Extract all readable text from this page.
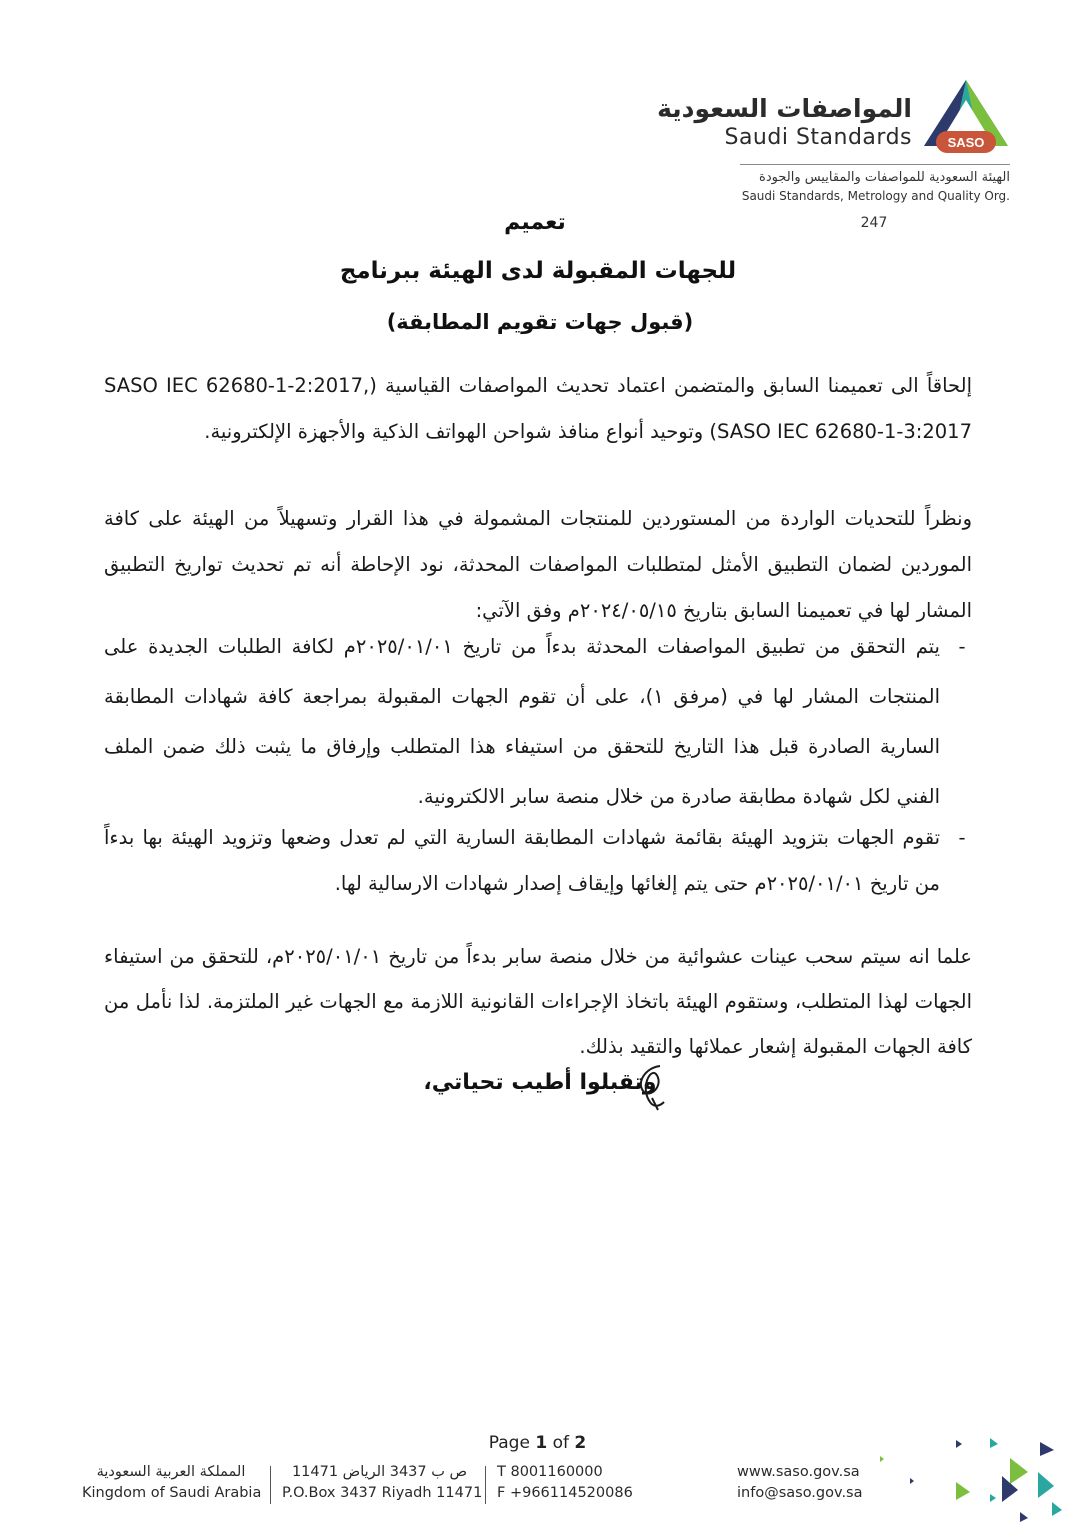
SASO
المواصفات السعودية
Saudi Standards
الهيئة السعودية للمواصفات والمقاييس والجودة
Saudi Standards, Metrology and Quality Org.
247
تعميم
للجهات المقبولة لدى الهيئة ببرنامج
(قبول جهات تقويم المطابقة)
إلحاقاً الى تعميمنا السابق والمتضمن اعتماد تحديث المواصفات القياسية (SASO IEC 62680-1-2:2017, SASO IEC 62680-1-3:2017) وتوحيد أنواع منافذ شواحن الهواتف الذكية والأجهزة الإلكترونية.
ونظراً للتحديات الواردة من المستوردين للمنتجات المشمولة في هذا القرار وتسهيلاً من الهيئة على كافة الموردين لضمان التطبيق الأمثل لمتطلبات المواصفات المحدثة، نود الإحاطة أنه تم تحديث تواريخ التطبيق المشار لها في تعميمنا السابق بتاريخ ٢٠٢٤/٠٥/١٥م وفق الآتي:
-
يتم التحقق من تطبيق المواصفات المحدثة بدءاً من تاريخ ٢٠٢٥/٠١/٠١م لكافة الطلبات الجديدة على المنتجات المشار لها في (مرفق ١)، على أن تقوم الجهات المقبولة بمراجعة كافة شهادات المطابقة السارية الصادرة قبل هذا التاريخ للتحقق من استيفاء هذا المتطلب وإرفاق ما يثبت ذلك ضمن الملف الفني لكل شهادة مطابقة صادرة من خلال منصة سابر الالكترونية.
-
تقوم الجهات بتزويد الهيئة بقائمة شهادات المطابقة السارية التي لم تعدل وضعها وتزويد الهيئة بها بدءاً من تاريخ ٢٠٢٥/٠١/٠١م حتى يتم إلغائها وإيقاف إصدار شهادات الارسالية لها.
علما انه سيتم سحب عينات عشوائية من خلال منصة سابر بدءاً من تاريخ ٢٠٢٥/٠١/٠١م، للتحقق من استيفاء الجهات لهذا المتطلب، وستقوم الهيئة باتخاذ الإجراءات القانونية اللازمة مع الجهات غير الملتزمة. لذا نأمل من كافة الجهات المقبولة إشعار عملائها والتقيد بذلك.
وتقبلوا أطيب تحياتي،
Page 1 of 2
المملكة العربية السعودية
Kingdom of Saudi Arabia
ص ب 3437 الرياض 11471
P.O.Box 3437 Riyadh 11471
T 8001160000
F +966114520086
www.saso.gov.sa
info@saso.gov.sa
